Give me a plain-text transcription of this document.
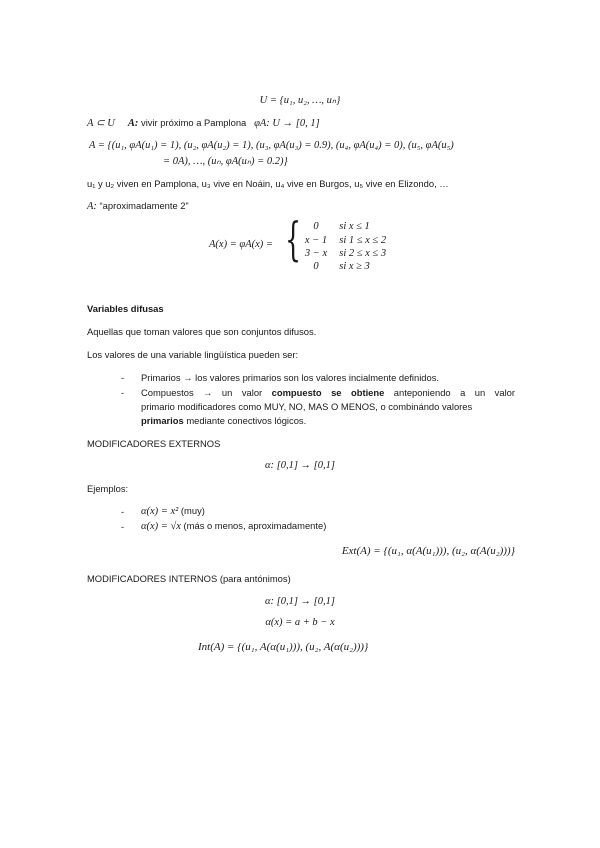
U = {u₁, u₂, …, uₙ}
A ⊂ U A: vivir próximo a Pamplona φA: U → [0, 1]
A = {(u₁, φA(u₁) = 1), (u₂, φA(u₂) = 1), (u₃, φA(u₃) = 0.9), (u₄, φA(u₄) = 0), (u₅, φA(u₅)
= 0A), …, (uₙ, φA(uₙ) = 0.2)}
u₁ y u₂ viven en Pamplona, u₃ vive en Noáin, u₄ vive en Burgos, u₅ vive en Elizondo, …
A: “aproximadamente 2”
A(x) = φA(x) = {	0 si x ≤ 1
x − 1 si 1 ≤ x ≤ 2
3 − x si 2 ≤ x ≤ 3
0 si x ≥ 3
Variables difusas
Aquellas que toman valores que son conjuntos difusos.
Los valores de una variable lingüística pueden ser:
- Primarios → los valores primarios son los valores incialmente definidos.
- Compuestos → un valor compuesto se obtiene anteponiendo a un valor
primario modificadores como MUY, NO, MAS O MENOS, o combinándo valores
primarios mediante conectivos lógicos.
MODIFICADORES EXTERNOS
α: [0,1] → [0,1]
Ejemplos:
- α(x) = x² (muy)
- α(x) = √x (más o menos, aproximadamente)
Ext(A) = {(u₁, α(A(u₁))), (u₂, α(A(u₂)))}
MODIFICADORES INTERNOS (para antónimos)
α: [0,1] → [0,1]
α(x) = a + b − x
Int(A) = {(u₁, A(α(u₁))), (u₂, A(α(u₂)))}
